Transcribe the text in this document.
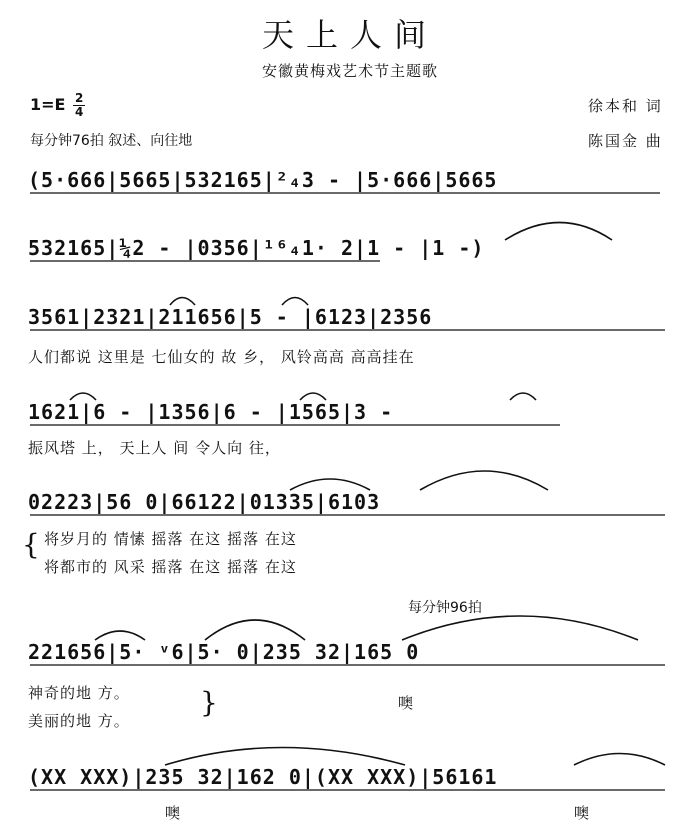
天上人间
安徽黄梅戏艺术节主题歌
$1=E \frac{2}{4}$
每分钟76拍 叙述、向往地
徐本和 词
陈国金 曲
(5·666|5665|532165|²₄3 - |5·666|5665
532165|¼2 - |0356|¹⁶₄1· 2|1 - |1 -)
3561|2321|211656|5 - |6123|2356
人们都说 这里是 七仙女的 故 乡， 风铃高高 高高挂在
1621|6 - |1356|6 - |1565|3 -
振风塔 上， 天上人 间 令人向 往，
02223|56 0|66122|01335|6103
{ 将岁月的 情愫 摇落 在这 摇落 在这
将都市的 风采 摇落 在这 摇落 在这
每分钟96拍
221656|5· ᵛ6|5· 0|235 32|165 0
神奇的地 方。
美丽的地 方。
}	噢
(XX XXX)|235 32|162 0|(XX XXX)|56161
噢	噢
